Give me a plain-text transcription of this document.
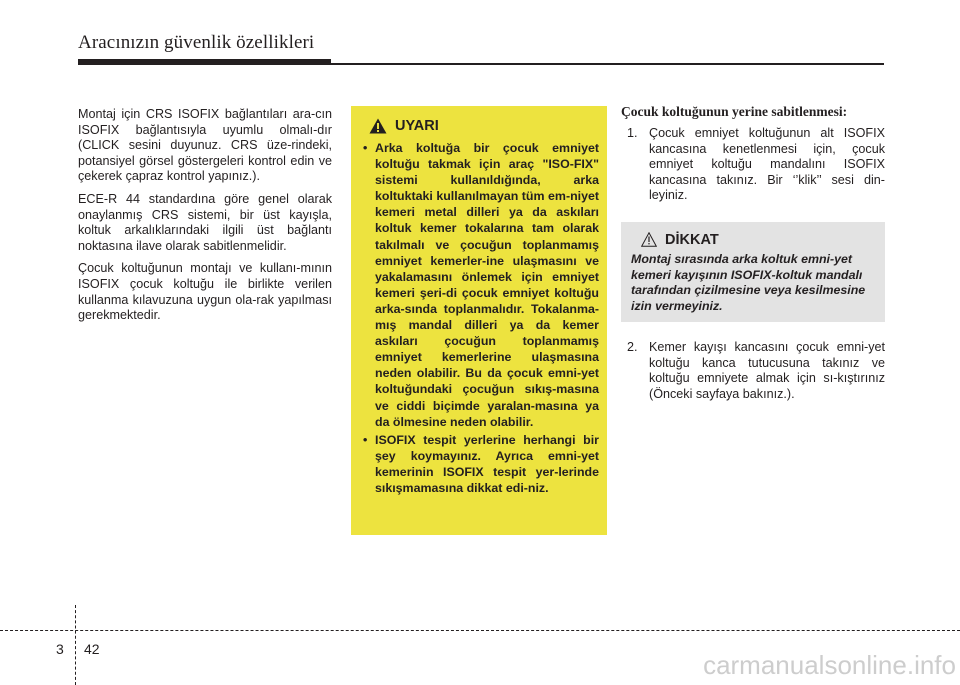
Aracınızın güvenlik özellikleri

Montaj için CRS ISOFIX bağlantıları ara-cın ISOFIX bağlantısıyla uyumlu olmalı-dır (CLICK sesini duyunuz. CRS üze-rindeki, potansiyel görsel göstergeleri kontrol edin ve çekerek çapraz kontrol yapınız.).

ECE-R 44 standardına göre genel olarak onaylanmış CRS sistemi, bir üst kayışla, koltuk arkalıklarındaki ilgili üst bağlantı noktasına ilave olarak sabitlenmelidir.

Çocuk koltuğunun montajı ve kullanı-mının ISOFIX çocuk koltuğu ile birlikte verilen kullanma kılavuzuna uygun ola-rak yapılması gerekmektedir.

UYARI
• Arka koltuğa bir çocuk emniyet koltuğu takmak için araç "ISO-FIX" sistemi kullanıldığında, arka koltuktaki kullanılmayan tüm em-niyet kemeri metal dilleri ya da askıları koltuk kemer tokalarına tam olarak takılmalı ve çocuğun toplanmamış emniyet kemerler-ine ulaşmasını ve yakalamasını önlemek için emniyet kemeri şeri-di çocuk emniyet koltuğu arka-sında toplanmalıdır. Tokalanma-mış mandal dilleri ya da kemer askıları çocuğun toplanmamış emniyet kemerlerine ulaşmasına neden olabilir. Bu da çocuk emni-yet koltuğundaki çocuğun sıkış-masına ve ciddi biçimde yaralan-masına ya da ölmesine neden olabilir.
• ISOFIX tespit yerlerine herhangi bir şey koymayınız. Ayrıca emni-yet kemerinin ISOFIX tespit yer-lerinde sıkışmamasına dikkat edi-niz.
Çocuk koltuğunun yerine sabitlenmesi:
1. Çocuk emniyet koltuğunun alt ISOFIX kancasına kenetlenmesi için, çocuk emniyet koltuğu mandalını ISOFIX kancasına takınız. Bir ‘’klik’’ sesi din-leyiniz.
DİKKAT
Montaj sırasında arka koltuk emni-yet kemeri kayışının ISOFIX-koltuk mandalı tarafından çizilmesine veya kesilmesine izin vermeyiniz.
2. Kemer kayışı kancasını çocuk emni-yet koltuğu kanca tutucusuna takınız ve koltuğu emniyete almak için sı-kıştırınız (Önceki sayfaya bakınız.).
3 42
carmanualsonline.info
